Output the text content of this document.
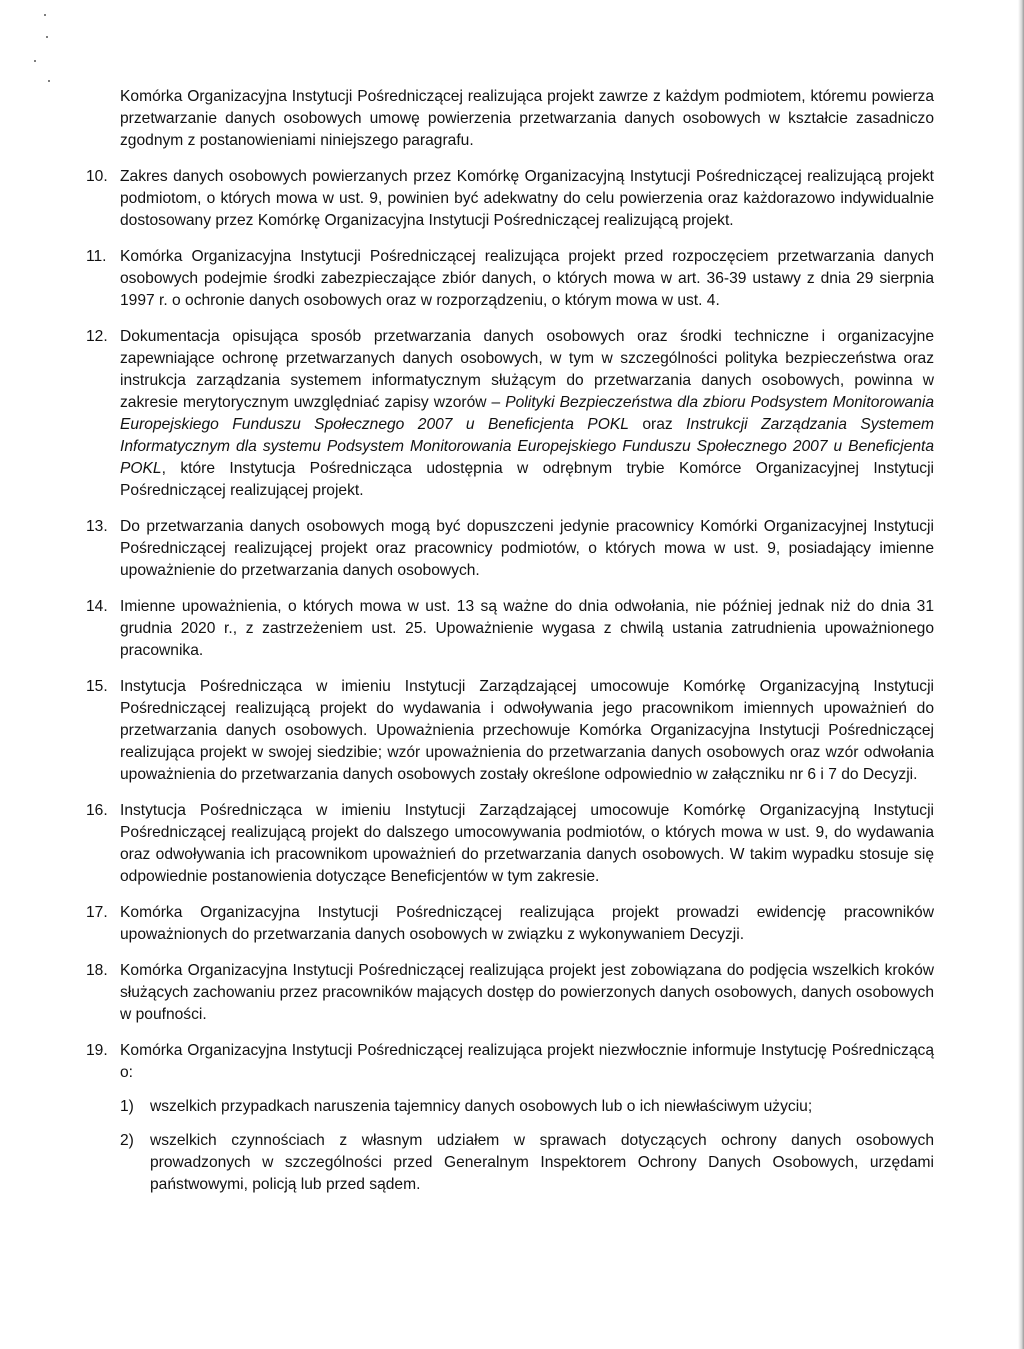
Komórka Organizacyjna Instytucji Pośredniczącej realizująca projekt zawrze z każdym podmiotem, któremu powierza przetwarzanie danych osobowych umowę powierzenia przetwarzania danych osobowych w kształcie zasadniczo zgodnym z postanowieniami niniejszego paragrafu.

10. Zakres danych osobowych powierzanych przez Komórkę Organizacyjną Instytucji Pośredniczącej realizującą projekt podmiotom, o których mowa w ust. 9, powinien być adekwatny do celu powierzenia oraz każdorazowo indywidualnie dostosowany przez Komórkę Organizacyjna Instytucji Pośredniczącej realizującą projekt.
11. Komórka Organizacyjna Instytucji Pośredniczącej realizująca projekt przed rozpoczęciem przetwarzania danych osobowych podejmie środki zabezpieczające zbiór danych, o których mowa w art. 36-39 ustawy z dnia 29 sierpnia 1997 r. o ochronie danych osobowych oraz w rozporządzeniu, o którym mowa w ust. 4.
12. Dokumentacja opisująca sposób przetwarzania danych osobowych oraz środki techniczne i organizacyjne zapewniające ochronę przetwarzanych danych osobowych, w tym w szczególności polityka bezpieczeństwa oraz instrukcja zarządzania systemem informatycznym służącym do przetwarzania danych osobowych, powinna w zakresie merytorycznym uwzględniać zapisy wzorów – Polityki Bezpieczeństwa dla zbioru Podsystem Monitorowania Europejskiego Funduszu Społecznego 2007 u Beneficjenta POKL oraz Instrukcji Zarządzania Systemem Informatycznym dla systemu Podsystem Monitorowania Europejskiego Funduszu Społecznego 2007 u Beneficjenta POKL, które Instytucja Pośrednicząca udostępnia w odrębnym trybie Komórce Organizacyjnej Instytucji Pośredniczącej realizującej projekt.
13. Do przetwarzania danych osobowych mogą być dopuszczeni jedynie pracownicy Komórki Organizacyjnej Instytucji Pośredniczącej realizującej projekt oraz pracownicy podmiotów, o których mowa w ust. 9, posiadający imienne upoważnienie do przetwarzania danych osobowych.
14. Imienne upoważnienia, o których mowa w ust. 13 są ważne do dnia odwołania, nie później jednak niż do dnia 31 grudnia 2020 r., z zastrzeżeniem ust. 25. Upoważnienie wygasa z chwilą ustania zatrudnienia upoważnionego pracownika.
15. Instytucja Pośrednicząca w imieniu Instytucji Zarządzającej umocowuje Komórkę Organizacyjną Instytucji Pośredniczącej realizującą projekt do wydawania i odwoływania jego pracownikom imiennych upoważnień do przetwarzania danych osobowych. Upoważnienia przechowuje Komórka Organizacyjna Instytucji Pośredniczącej realizująca projekt w swojej siedzibie; wzór upoważnienia do przetwarzania danych osobowych oraz wzór odwołania upoważnienia do przetwarzania danych osobowych zostały określone odpowiednio w załączniku nr 6 i 7 do Decyzji.
16. Instytucja Pośrednicząca w imieniu Instytucji Zarządzającej umocowuje Komórkę Organizacyjną Instytucji Pośredniczącej realizującą projekt do dalszego umocowywania podmiotów, o których mowa w ust. 9, do wydawania oraz odwoływania ich pracownikom upoważnień do przetwarzania danych osobowych. W takim wypadku stosuje się odpowiednie postanowienia dotyczące Beneficjentów w tym zakresie.
17. Komórka Organizacyjna Instytucji Pośredniczącej realizująca projekt prowadzi ewidencję pracowników upoważnionych do przetwarzania danych osobowych w związku z wykonywaniem Decyzji.
18. Komórka Organizacyjna Instytucji Pośredniczącej realizująca projekt jest zobowiązana do podjęcia wszelkich kroków służących zachowaniu przez pracowników mających dostęp do powierzonych danych osobowych, danych osobowych w poufności.
19. Komórka Organizacyjna Instytucji Pośredniczącej realizująca projekt niezwłocznie informuje Instytucję Pośredniczącą o:
1)	wszelkich przypadkach naruszenia tajemnicy danych osobowych lub o ich niewłaściwym użyciu;
2)	wszelkich czynnościach z własnym udziałem w sprawach dotyczących ochrony danych osobowych prowadzonych w szczególności przed Generalnym Inspektorem Ochrony Danych Osobowych, urzędami państwowymi, policją lub przed sądem.
